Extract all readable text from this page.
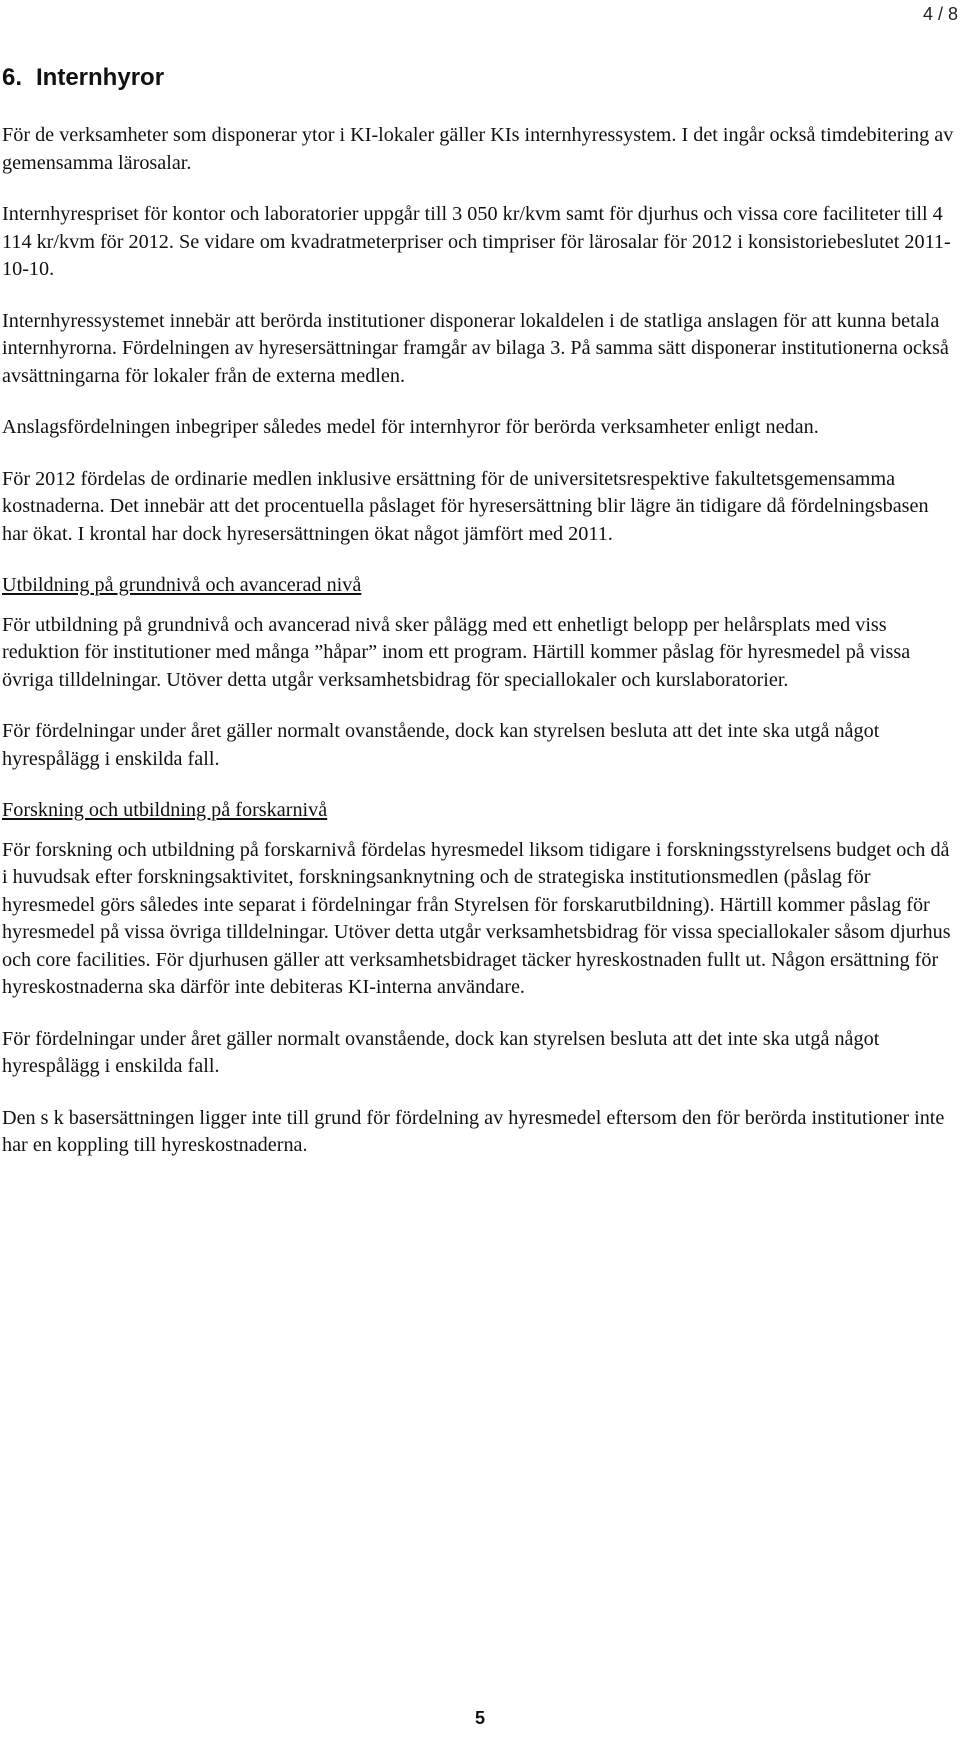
4 / 8
6. Internhyror

För de verksamheter som disponerar ytor i KI-lokaler gäller KIs internhyressystem. I det ingår också timdebitering av gemensamma lärosalar.

Internhyrespriset för kontor och laboratorier uppgår till 3 050 kr/kvm samt för djurhus och vissa core faciliteter till 4 114 kr/kvm för 2012. Se vidare om kvadratmeterpriser och timpriser för lärosalar för 2012 i konsistoriebeslutet 2011-10-10.

Internhyressystemet innebär att berörda institutioner disponerar lokaldelen i de statliga anslagen för att kunna betala internhyrorna. Fördelningen av hyresersättningar framgår av bilaga 3. På samma sätt disponerar institutionerna också avsättningarna för lokaler från de externa medlen.

Anslagsfördelningen inbegriper således medel för internhyror för berörda verksamheter enligt nedan.

För 2012 fördelas de ordinarie medlen inklusive ersättning för de universitetsrespektive fakultetsgemensamma kostnaderna. Det innebär att det procentuella påslaget för hyresersättning blir lägre än tidigare då fördelningsbasen har ökat. I krontal har dock hyresersättningen ökat något jämfört med 2011.

Utbildning på grundnivå och avancerad nivå

För utbildning på grundnivå och avancerad nivå sker pålägg med ett enhetligt belopp per helårsplats med viss reduktion för institutioner med många ”håpar” inom ett program. Härtill kommer påslag för hyresmedel på vissa övriga tilldelningar. Utöver detta utgår verksamhetsbidrag för speciallokaler och kurslaboratorier.

För fördelningar under året gäller normalt ovanstående, dock kan styrelsen besluta att det inte ska utgå något hyrespålägg i enskilda fall.

Forskning och utbildning på forskarnivå

För forskning och utbildning på forskarnivå fördelas hyresmedel liksom tidigare i forskningsstyrelsens budget och då i huvudsak efter forskningsaktivitet, forskningsanknytning och de strategiska institutionsmedlen (påslag för hyresmedel görs således inte separat i fördelningar från Styrelsen för forskarutbildning). Härtill kommer påslag för hyresmedel på vissa övriga tilldelningar. Utöver detta utgår verksamhetsbidrag för vissa speciallokaler såsom djurhus och core facilities. För djurhusen gäller att verksamhetsbidraget täcker hyreskostnaden fullt ut. Någon ersättning för hyreskostnaderna ska därför inte debiteras KI-interna användare.

För fördelningar under året gäller normalt ovanstående, dock kan styrelsen besluta att det inte ska utgå något hyrespålägg i enskilda fall.

Den s k basersättningen ligger inte till grund för fördelning av hyresmedel eftersom den för berörda institutioner inte har en koppling till hyreskostnaderna.

5
